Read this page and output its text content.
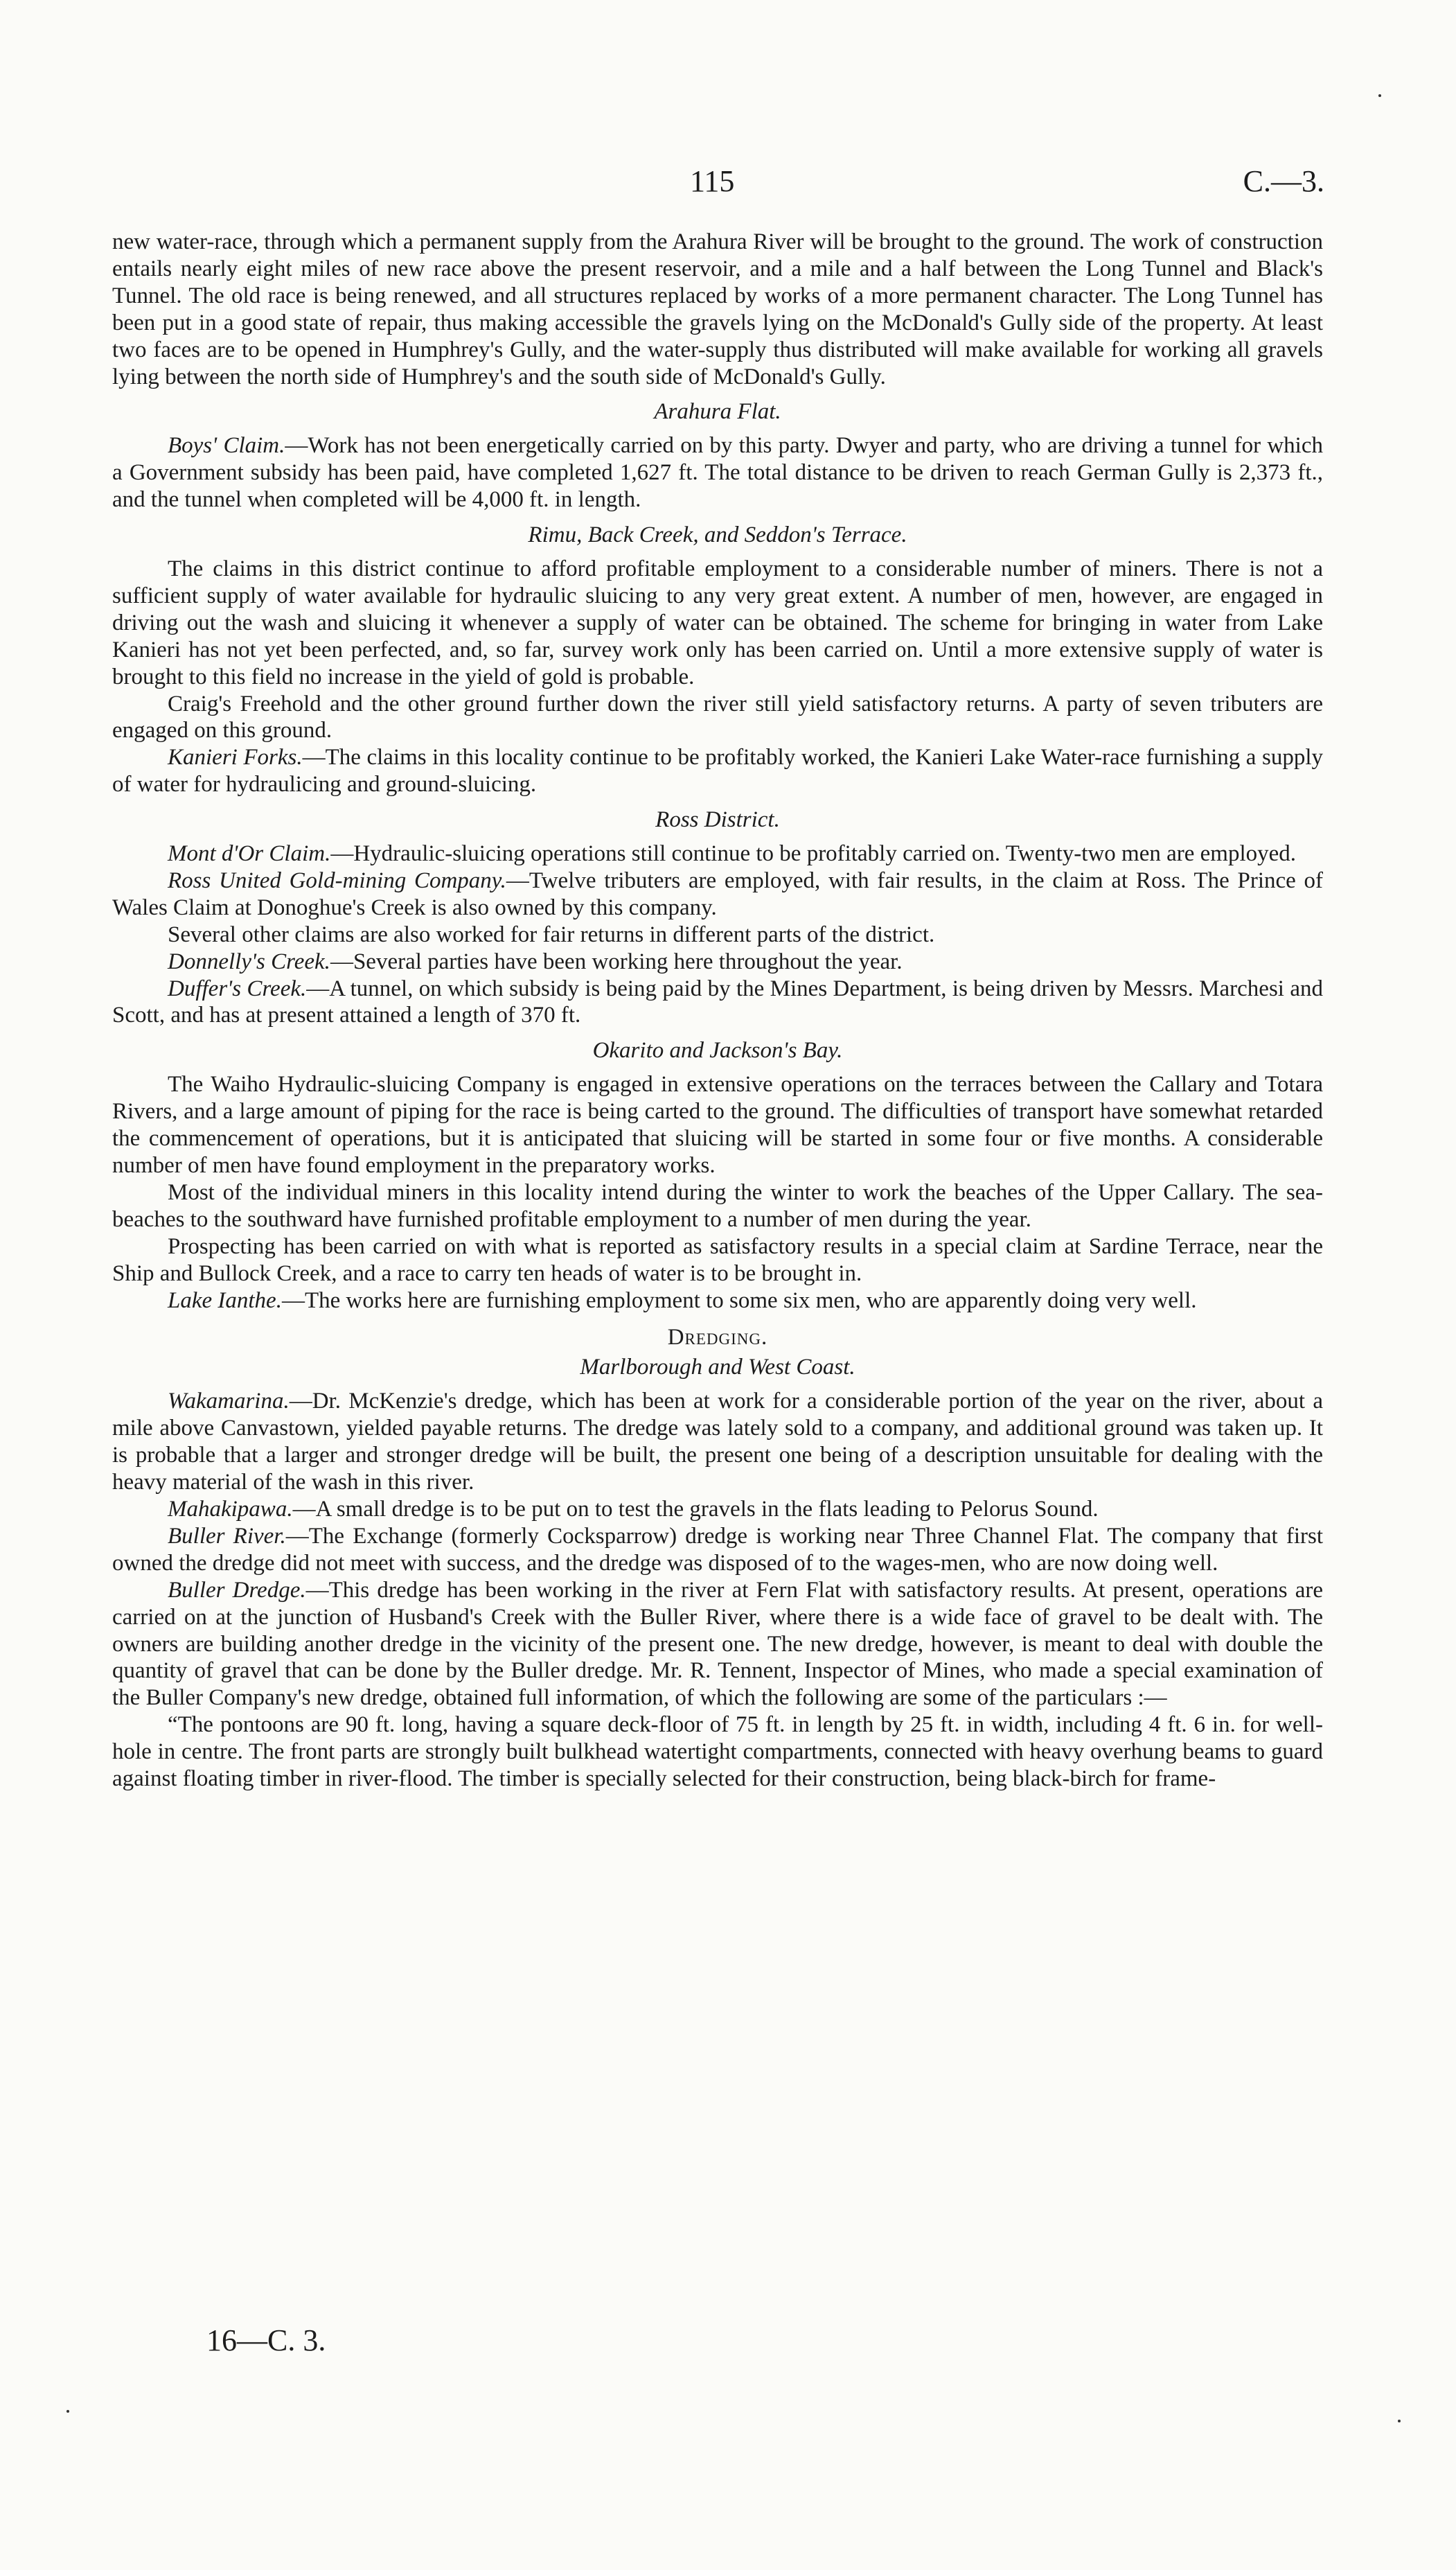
115	C.—3.

new water-race, through which a permanent supply from the Arahura River will be brought to the ground. The work of construction entails nearly eight miles of new race above the present reservoir, and a mile and a half between the Long Tunnel and Black's Tunnel. The old race is being renewed, and all structures replaced by works of a more permanent character. The Long Tunnel has been put in a good state of repair, thus making accessible the gravels lying on the McDonald's Gully side of the property. At least two faces are to be opened in Humphrey's Gully, and the water-supply thus distributed will make available for working all gravels lying between the north side of Humphrey's and the south side of McDonald's Gully.

Arahura Flat.

Boys' Claim.—Work has not been energetically carried on by this party. Dwyer and party, who are driving a tunnel for which a Government subsidy has been paid, have completed 1,627 ft. The total distance to be driven to reach German Gully is 2,373 ft., and the tunnel when completed will be 4,000 ft. in length.

Rimu, Back Creek, and Seddon's Terrace.

The claims in this district continue to afford profitable employment to a considerable number of miners. There is not a sufficient supply of water available for hydraulic sluicing to any very great extent. A number of men, however, are engaged in driving out the wash and sluicing it whenever a supply of water can be obtained. The scheme for bringing in water from Lake Kanieri has not yet been perfected, and, so far, survey work only has been carried on. Until a more extensive supply of water is brought to this field no increase in the yield of gold is probable.

Craig's Freehold and the other ground further down the river still yield satisfactory returns. A party of seven tributers are engaged on this ground.

Kanieri Forks.—The claims in this locality continue to be profitably worked, the Kanieri Lake Water-race furnishing a supply of water for hydraulicing and ground-sluicing.

Ross District.

Mont d'Or Claim.—Hydraulic-sluicing operations still continue to be profitably carried on. Twenty-two men are employed.

Ross United Gold-mining Company.—Twelve tributers are employed, with fair results, in the claim at Ross. The Prince of Wales Claim at Donoghue's Creek is also owned by this company.

Several other claims are also worked for fair returns in different parts of the district.

Donnelly's Creek.—Several parties have been working here throughout the year.

Duffer's Creek.—A tunnel, on which subsidy is being paid by the Mines Department, is being driven by Messrs. Marchesi and Scott, and has at present attained a length of 370 ft.

Okarito and Jackson's Bay.

The Waiho Hydraulic-sluicing Company is engaged in extensive operations on the terraces between the Callary and Totara Rivers, and a large amount of piping for the race is being carted to the ground. The difficulties of transport have somewhat retarded the commencement of operations, but it is anticipated that sluicing will be started in some four or five months. A considerable number of men have found employment in the preparatory works.

Most of the individual miners in this locality intend during the winter to work the beaches of the Upper Callary. The sea-beaches to the southward have furnished profitable employment to a number of men during the year.

Prospecting has been carried on with what is reported as satisfactory results in a special claim at Sardine Terrace, near the Ship and Bullock Creek, and a race to carry ten heads of water is to be brought in.

Lake Ianthe.—The works here are furnishing employment to some six men, who are apparently doing very well.

Dredging.
Marlborough and West Coast.

Wakamarina.—Dr. McKenzie's dredge, which has been at work for a considerable portion of the year on the river, about a mile above Canvastown, yielded payable returns. The dredge was lately sold to a company, and additional ground was taken up. It is probable that a larger and stronger dredge will be built, the present one being of a description unsuitable for dealing with the heavy material of the wash in this river.

Mahakipawa.—A small dredge is to be put on to test the gravels in the flats leading to Pelorus Sound.

Buller River.—The Exchange (formerly Cocksparrow) dredge is working near Three Channel Flat. The company that first owned the dredge did not meet with success, and the dredge was disposed of to the wages-men, who are now doing well.

Buller Dredge.—This dredge has been working in the river at Fern Flat with satisfactory results. At present, operations are carried on at the junction of Husband's Creek with the Buller River, where there is a wide face of gravel to be dealt with. The owners are building another dredge in the vicinity of the present one. The new dredge, however, is meant to deal with double the quantity of gravel that can be done by the Buller dredge. Mr. R. Tennent, Inspector of Mines, who made a special examination of the Buller Company's new dredge, obtained full information, of which the following are some of the particulars :—

“The pontoons are 90 ft. long, having a square deck-floor of 75 ft. in length by 25 ft. in width, including 4 ft. 6 in. for well-hole in centre. The front parts are strongly built bulkhead watertight compartments, connected with heavy overhung beams to guard against floating timber in river-flood. The timber is specially selected for their construction, being black-birch for frame-

16—C. 3.
